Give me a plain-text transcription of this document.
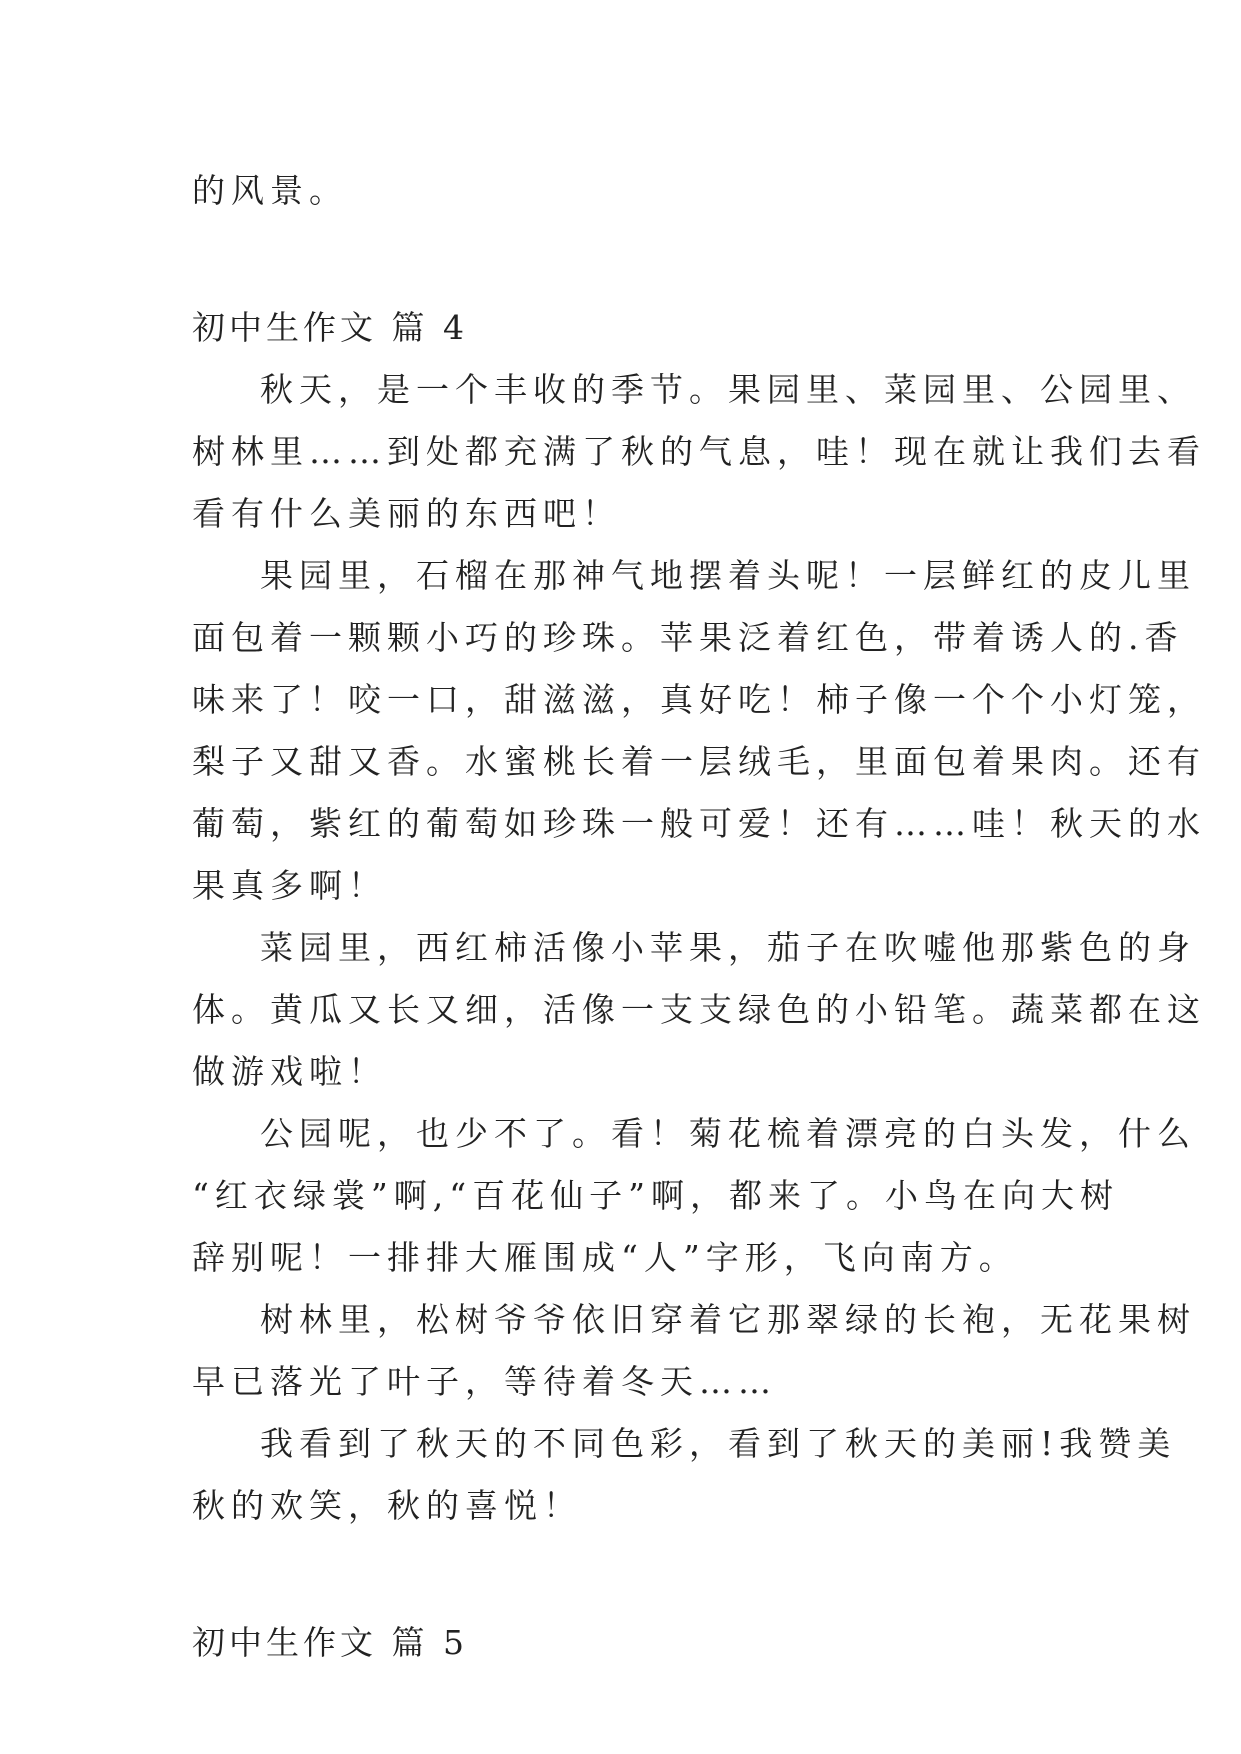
的风景。
初中生作文 篇 4
秋天，是一个丰收的季节。果园里、菜园里、公园里、
树林里……到处都充满了秋的气息，哇！现在就让我们去看
看有什么美丽的东西吧！
果园里，石榴在那神气地摆着头呢！一层鲜红的皮儿里
面包着一颗颗小巧的珍珠。苹果泛着红色，带着诱人的.香
味来了！咬一口，甜滋滋，真好吃！柿子像一个个小灯笼，
梨子又甜又香。水蜜桃长着一层绒毛，里面包着果肉。还有
葡萄，紫红的葡萄如珍珠一般可爱！还有……哇！秋天的水
果真多啊！
菜园里，西红柿活像小苹果，茄子在吹嘘他那紫色的身
体。黄瓜又长又细，活像一支支绿色的小铅笔。蔬菜都在这
做游戏啦！
公园呢，也少不了。看！菊花梳着漂亮的白头发，什么
“红衣绿裳”啊,“百花仙子”啊，都来了。小鸟在向大树
辞别呢！一排排大雁围成“人”字形，飞向南方。
树林里，松树爷爷依旧穿着它那翠绿的长袍，无花果树
早已落光了叶子，等待着冬天……
我看到了秋天的不同色彩，看到了秋天的美丽!我赞美
秋的欢笑，秋的喜悦！
初中生作文 篇 5
